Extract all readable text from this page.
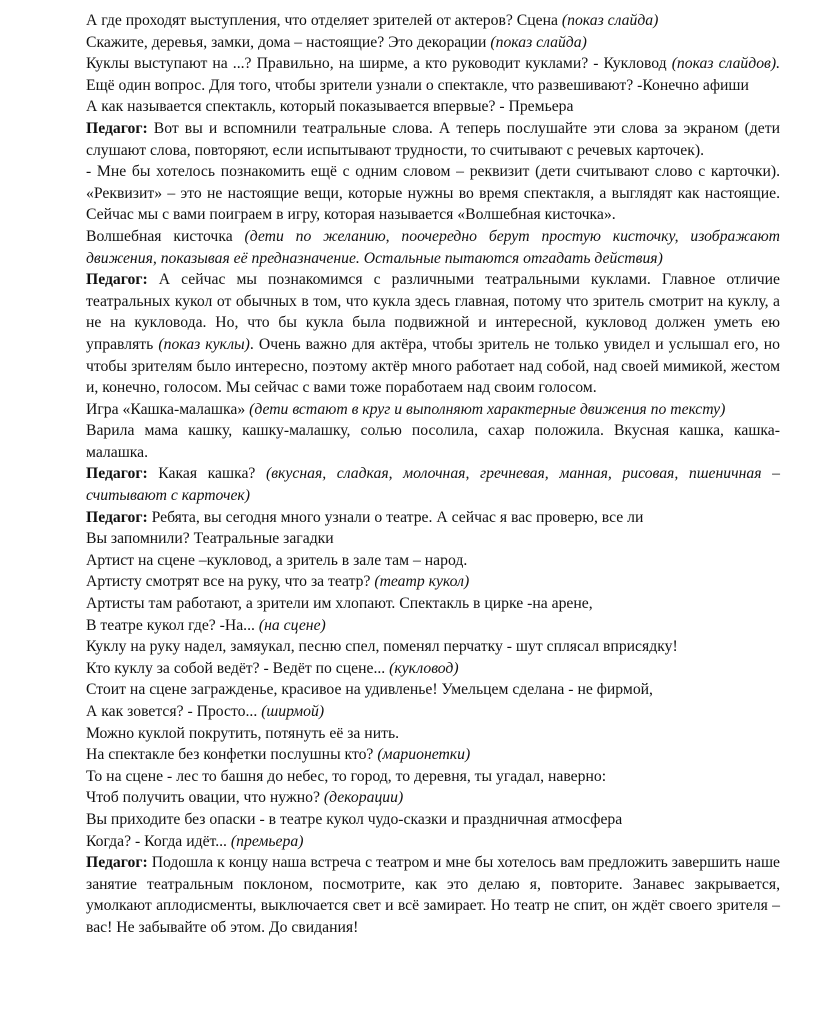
А где проходят выступления, что отделяет зрителей от актеров? Сцена (показ слайда)
Скажите, деревья, замки, дома – настоящие? Это декорации (показ слайда)
Куклы выступают на ...? Правильно, на ширме, а кто руководит куклами? - Кукловод (показ слайдов). Ещё один вопрос. Для того, чтобы зрители узнали о спектакле, что развешивают? -Конечно афиши
А как называется спектакль, который показывается впервые? - Премьера
Педагог: Вот вы и вспомнили театральные слова. А теперь послушайте эти слова за экраном (дети слушают слова, повторяют, если испытывают трудности, то считывают с речевых карточек).
- Мне бы хотелось познакомить ещё с одним словом – реквизит (дети считывают слово с карточки). «Реквизит» – это не настоящие вещи, которые нужны во время спектакля, а выглядят как настоящие. Сейчас мы с вами поиграем в игру, которая называется «Волшебная кисточка».
Волшебная кисточка (дети по желанию, поочередно берут простую кисточку, изображают движения, показывая её предназначение. Остальные пытаются отгадать действия)
Педагог: А сейчас мы познакомимся с различными театральными куклами. Главное отличие театральных кукол от обычных в том, что кукла здесь главная, потому что зритель смотрит на куклу, а не на кукловода. Но, что бы кукла была подвижной и интересной, кукловод должен уметь ею управлять (показ куклы). Очень важно для актёра, чтобы зритель не только увидел и услышал его, но чтобы зрителям было интересно, поэтому актёр много работает над собой, над своей мимикой, жестом и, конечно, голосом. Мы сейчас с вами тоже поработаем над своим голосом.
Игра «Кашка-малашка» (дети встают в круг и выполняют характерные движения по тексту)
Варила мама кашку, кашку-малашку, солью посолила, сахар положила. Вкусная кашка, кашка-малашка.
Педагог: Какая кашка? (вкусная, сладкая, молочная, гречневая, манная, рисовая, пшеничная – считывают с карточек)
Педагог: Ребята, вы сегодня много узнали о театре. А сейчас я вас проверю, все ли
Вы запомнили? Театральные загадки
Артист на сцене –кукловод, а зритель в зале там – народ.
Артисту смотрят все на руку, что за театр? (театр кукол)
Артисты там работают, а зрители им хлопают. Спектакль в цирке -на арене,
В театре кукол где? -На... (на сцене)
Куклу на руку надел, замяукал, песню спел, поменял перчатку - шут сплясал вприсядку!
Кто куклу за собой ведёт? - Ведёт по сцене... (кукловод)
Стоит на сцене загражденье, красивое на удивленье! Умельцем сделана - не фирмой,
А как зовется? - Просто... (ширмой)
Можно куклой покрутить, потянуть её за нить.
На спектакле без конфетки послушны кто? (марионетки)
То на сцене - лес то башня до небес, то город, то деревня, ты угадал, наверно:
Чтоб получить овации, что нужно? (декорации)
Вы приходите без опаски - в театре кукол чудо-сказки и праздничная атмосфера
Когда? - Когда идёт... (премьера)
Педагог: Подошла к концу наша встреча с театром и мне бы хотелось вам предложить завершить наше занятие театральным поклоном, посмотрите, как это делаю я, повторите. Занавес закрывается, умолкают аплодисменты, выключается свет и всё замирает. Но театр не спит, он ждёт своего зрителя – вас! Не забывайте об этом. До свидания!
